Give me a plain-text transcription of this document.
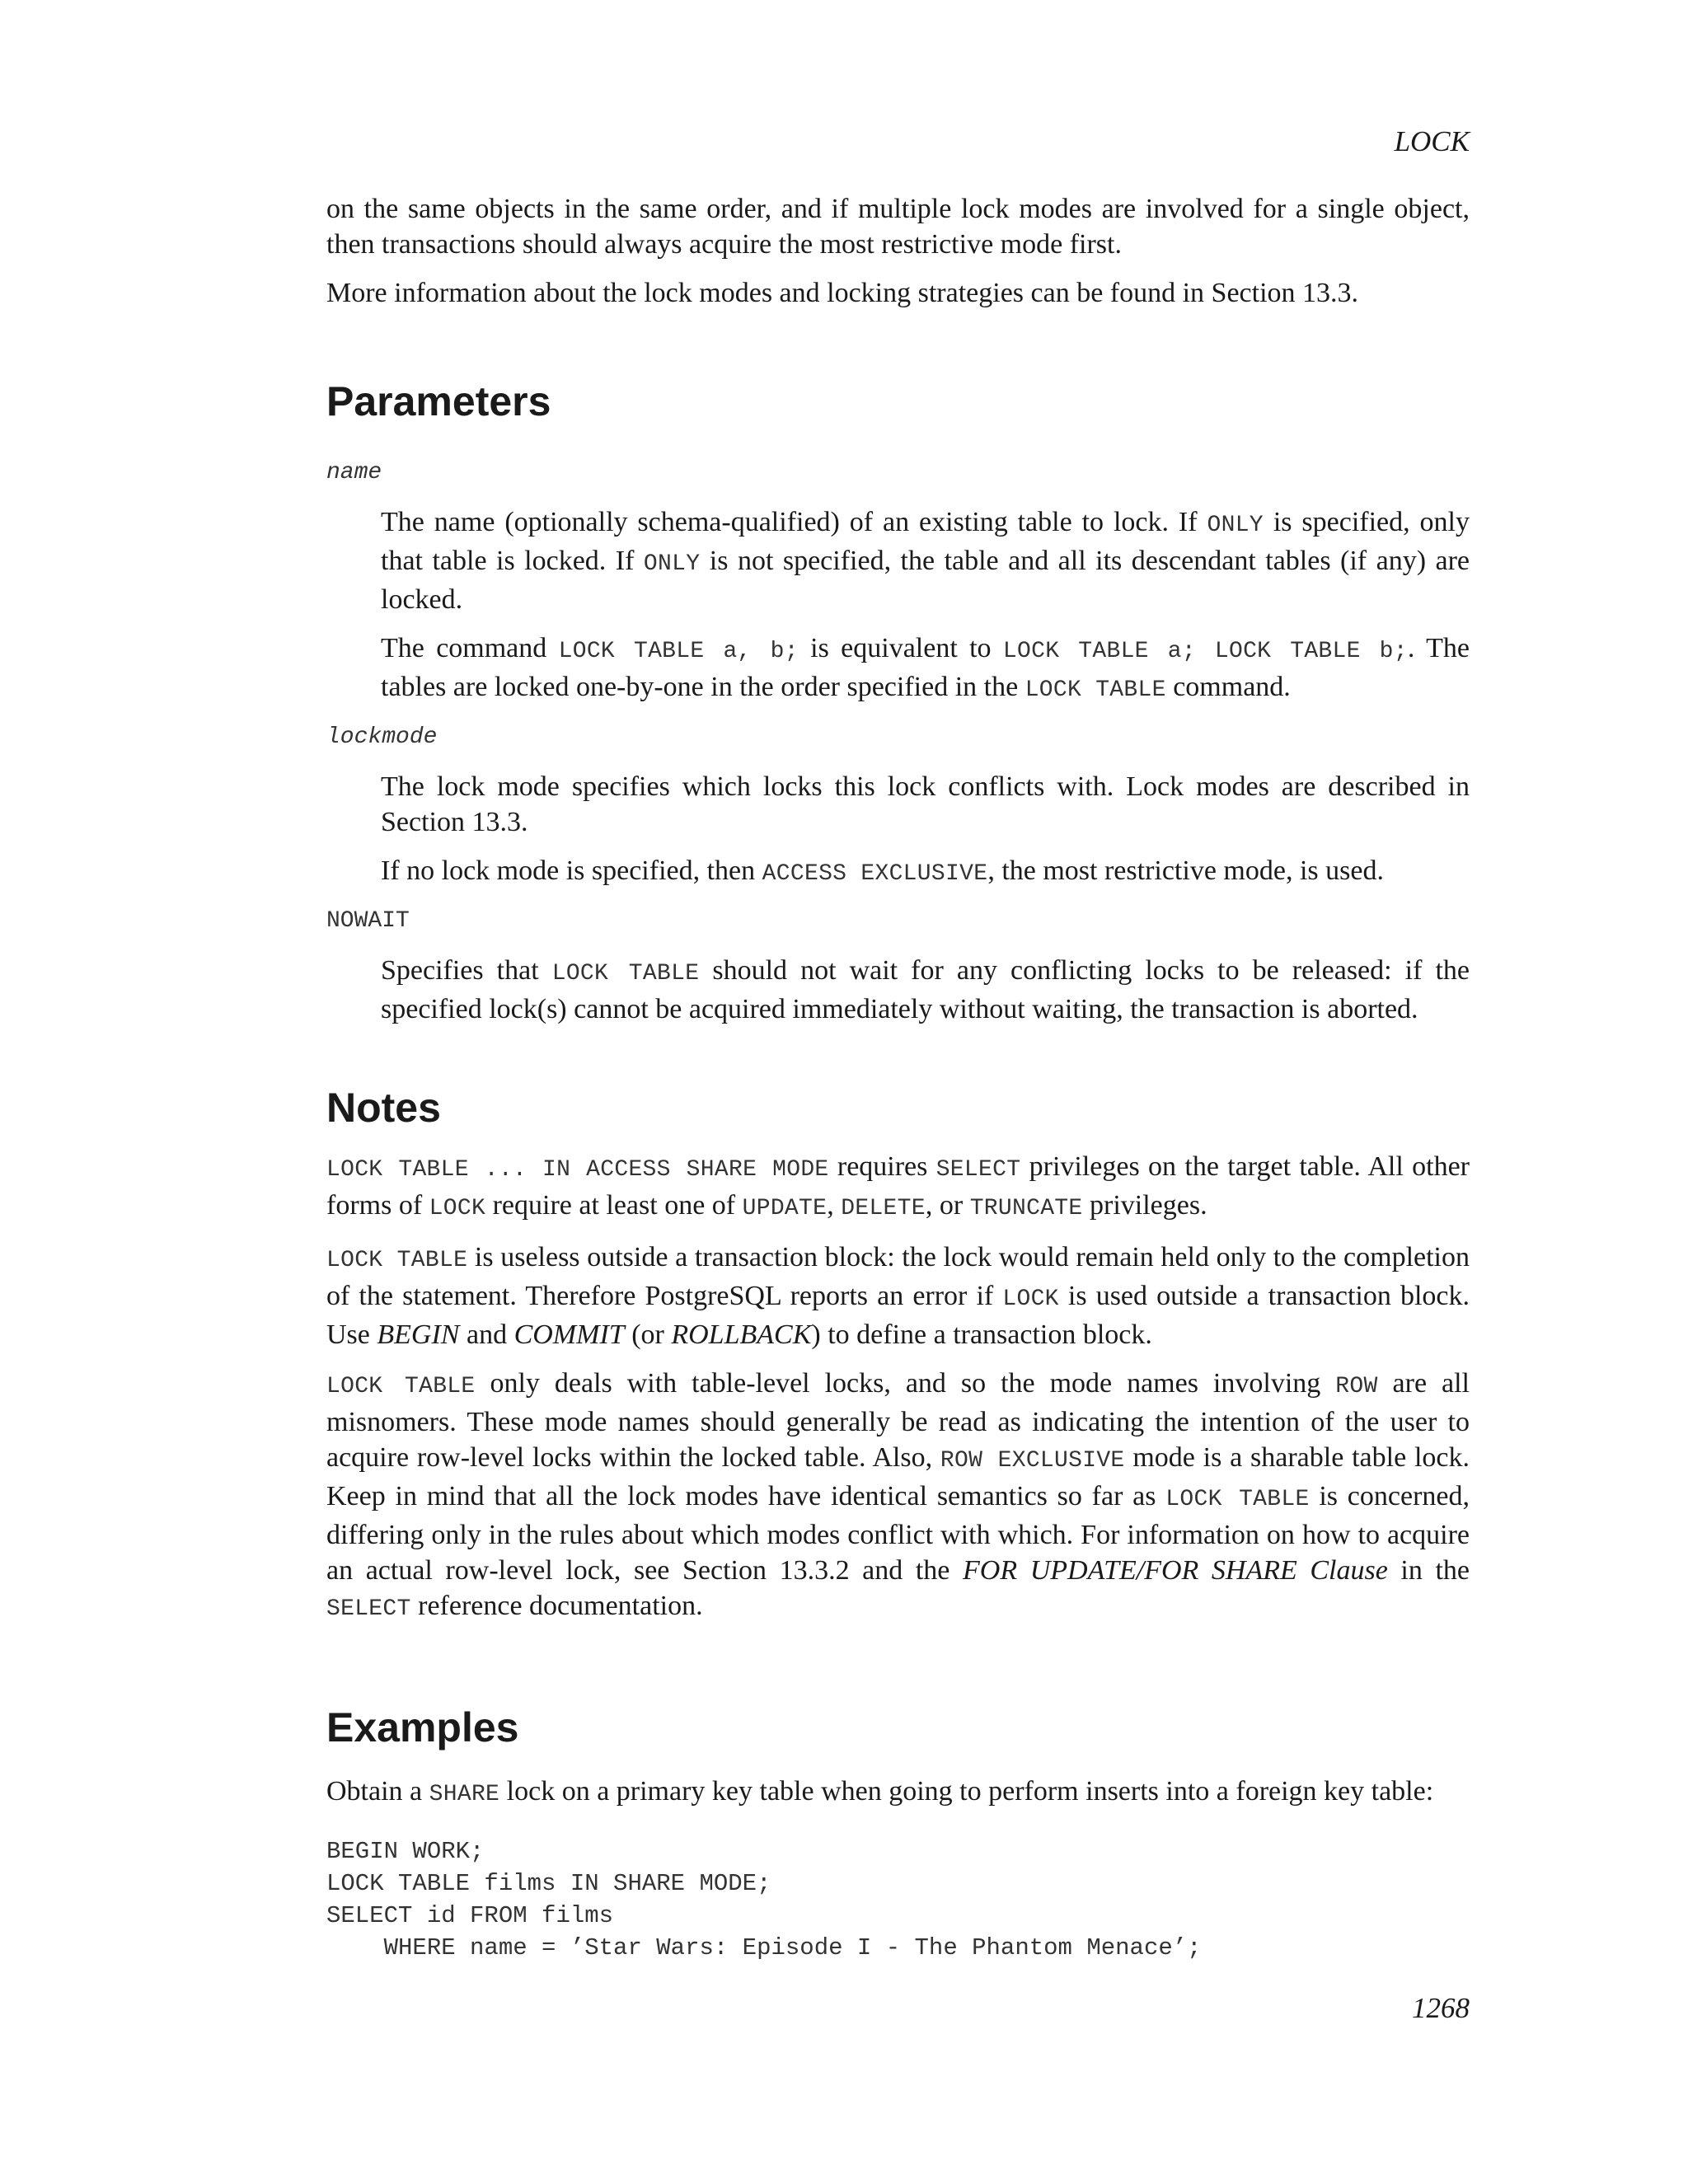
LOCK

on the same objects in the same order, and if multiple lock modes are involved for a single object, then transactions should always acquire the most restrictive mode first.

More information about the lock modes and locking strategies can be found in Section 13.3.

Parameters
name

The name (optionally schema-qualified) of an existing table to lock. If ONLY is specified, only that table is locked. If ONLY is not specified, the table and all its descendant tables (if any) are locked.

The command LOCK TABLE a, b; is equivalent to LOCK TABLE a; LOCK TABLE b;. The tables are locked one-by-one in the order specified in the LOCK TABLE command.

lockmode

The lock mode specifies which locks this lock conflicts with. Lock modes are described in Section 13.3.

If no lock mode is specified, then ACCESS EXCLUSIVE, the most restrictive mode, is used.

NOWAIT

Specifies that LOCK TABLE should not wait for any conflicting locks to be released: if the specified lock(s) cannot be acquired immediately without waiting, the transaction is aborted.

Notes

LOCK TABLE ... IN ACCESS SHARE MODE requires SELECT privileges on the target table. All other forms of LOCK require at least one of UPDATE, DELETE, or TRUNCATE privileges.

LOCK TABLE is useless outside a transaction block: the lock would remain held only to the completion of the statement. Therefore PostgreSQL reports an error if LOCK is used outside a transaction block. Use BEGIN and COMMIT (or ROLLBACK) to define a transaction block.

LOCK TABLE only deals with table-level locks, and so the mode names involving ROW are all misnomers. These mode names should generally be read as indicating the intention of the user to acquire row-level locks within the locked table. Also, ROW EXCLUSIVE mode is a sharable table lock. Keep in mind that all the lock modes have identical semantics so far as LOCK TABLE is concerned, differing only in the rules about which modes conflict with which. For information on how to acquire an actual row-level lock, see Section 13.3.2 and the FOR UPDATE/FOR SHARE Clause in the SELECT reference documentation.

Examples

Obtain a SHARE lock on a primary key table when going to perform inserts into a foreign key table:

BEGIN WORK;
LOCK TABLE films IN SHARE MODE;
SELECT id FROM films
WHERE name = ’Star Wars: Episode I - The Phantom Menace’;
1268
